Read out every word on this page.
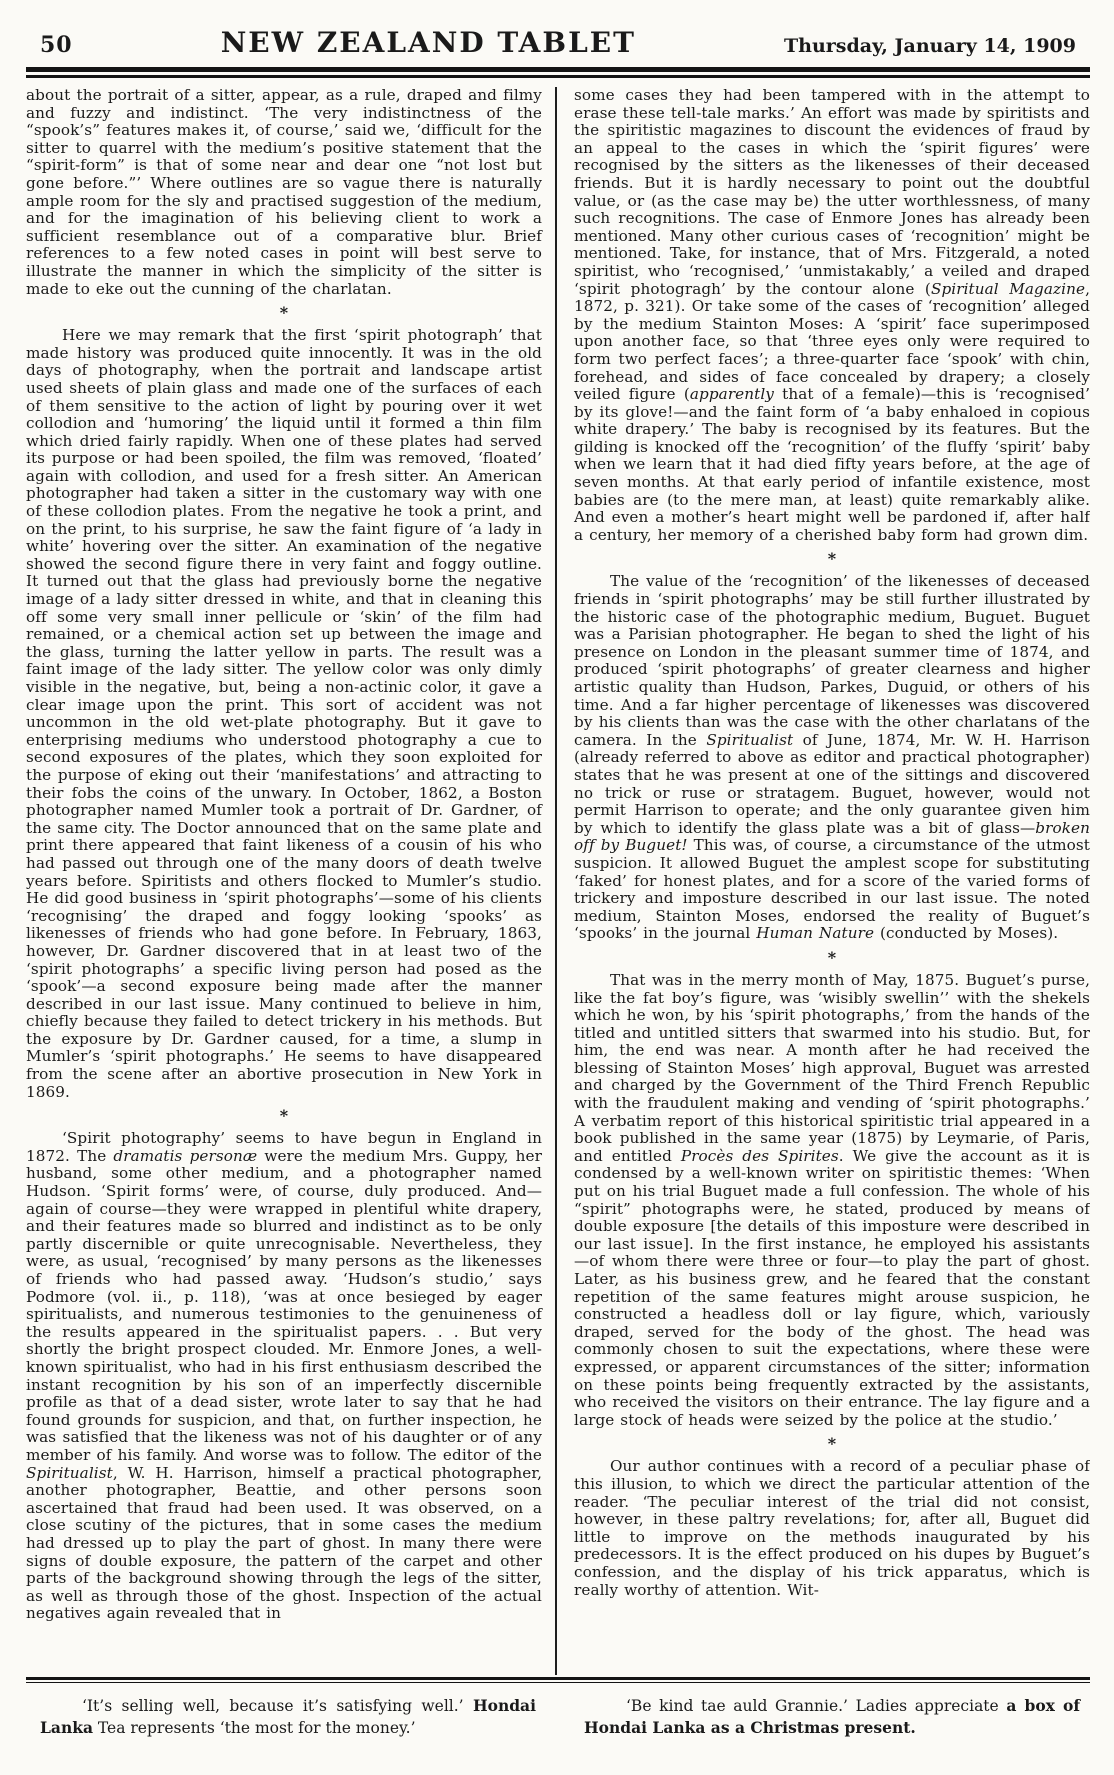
50	NEW ZEALAND TABLET	Thursday, January 14, 1909

about the portrait of a sitter, appear, as a rule, draped and filmy and fuzzy and indistinct. ‘The very indistinctness of the “spook’s” features makes it, of course,’ said we, ‘difficult for the sitter to quarrel with the medium’s positive statement that the “spirit-form” is that of some near and dear one “not lost but gone before.”’ Where outlines are so vague there is naturally ample room for the sly and practised suggestion of the medium, and for the imagination of his believing client to work a sufficient resemblance out of a comparative blur. Brief references to a few noted cases in point will best serve to illustrate the manner in which the simplicity of the sitter is made to eke out the cunning of the charlatan.

*

Here we may remark that the first ‘spirit photograph’ that made history was produced quite innocently. It was in the old days of photography, when the portrait and landscape artist used sheets of plain glass and made one of the surfaces of each of them sensitive to the action of light by pouring over it wet collodion and ‘humoring’ the liquid until it formed a thin film which dried fairly rapidly. When one of these plates had served its purpose or had been spoiled, the film was removed, ‘floated’ again with collodion, and used for a fresh sitter. An American photographer had taken a sitter in the customary way with one of these collodion plates. From the negative he took a print, and on the print, to his surprise, he saw the faint figure of ‘a lady in white’ hovering over the sitter. An examination of the negative showed the second figure there in very faint and foggy outline. It turned out that the glass had previously borne the negative image of a lady sitter dressed in white, and that in cleaning this off some very small inner pellicule or ‘skin’ of the film had remained, or a chemical action set up between the image and the glass, turning the latter yellow in parts. The result was a faint image of the lady sitter. The yellow color was only dimly visible in the negative, but, being a non-actinic color, it gave a clear image upon the print. This sort of accident was not uncommon in the old wet-plate photography. But it gave to enterprising mediums who understood photography a cue to second exposures of the plates, which they soon exploited for the purpose of eking out their ‘manifestations’ and attracting to their fobs the coins of the unwary. In October, 1862, a Boston photographer named Mumler took a portrait of Dr. Gardner, of the same city. The Doctor announced that on the same plate and print there appeared that faint likeness of a cousin of his who had passed out through one of the many doors of death twelve years before. Spiritists and others flocked to Mumler’s studio. He did good business in ‘spirit photographs’—some of his clients ‘recognising’ the draped and foggy looking ‘spooks’ as likenesses of friends who had gone before. In February, 1863, however, Dr. Gardner discovered that in at least two of the ‘spirit photographs’ a specific living person had posed as the ‘spook’—a second exposure being made after the manner described in our last issue. Many continued to believe in him, chiefly because they failed to detect trickery in his methods. But the exposure by Dr. Gardner caused, for a time, a slump in Mumler’s ‘spirit photographs.’ He seems to have disappeared from the scene after an abortive prosecution in New York in 1869.

*

‘Spirit photography’ seems to have begun in England in 1872. The dramatis personæ were the medium Mrs. Guppy, her husband, some other medium, and a photographer named Hudson. ‘Spirit forms’ were, of course, duly produced. And—again of course—they were wrapped in plentiful white drapery, and their features made so blurred and indistinct as to be only partly discernible or quite unrecognisable. Nevertheless, they were, as usual, ‘recognised’ by many persons as the likenesses of friends who had passed away. ‘Hudson’s studio,’ says Podmore (vol. ii., p. 118), ‘was at once besieged by eager spiritualists, and numerous testimonies to the genuineness of the results appeared in the spiritualist papers. . . But very shortly the bright prospect clouded. Mr. Enmore Jones, a well-known spiritualist, who had in his first enthusiasm described the instant recognition by his son of an imperfectly discernible profile as that of a dead sister, wrote later to say that he had found grounds for suspicion, and that, on further inspection, he was satisfied that the likeness was not of his daughter or of any member of his family. And worse was to follow. The editor of the Spiritualist, W. H. Harrison, himself a practical photographer, another photographer, Beattie, and other persons soon ascertained that fraud had been used. It was observed, on a close scutiny of the pictures, that in some cases the medium had dressed up to play the part of ghost. In many there were signs of double exposure, the pattern of the carpet and other parts of the background showing through the legs of the sitter, as well as through those of the ghost. Inspection of the actual negatives again revealed that in

some cases they had been tampered with in the attempt to erase these tell-tale marks.’ An effort was made by spiritists and the spiritistic magazines to discount the evidences of fraud by an appeal to the cases in which the ‘spirit figures’ were recognised by the sitters as the likenesses of their deceased friends. But it is hardly necessary to point out the doubtful value, or (as the case may be) the utter worthlessness, of many such recognitions. The case of Enmore Jones has already been mentioned. Many other curious cases of ‘recognition’ might be mentioned. Take, for instance, that of Mrs. Fitzgerald, a noted spiritist, who ‘recognised,’ ‘unmistakably,’ a veiled and draped ‘spirit photogragh’ by the contour alone (Spiritual Magazine, 1872, p. 321). Or take some of the cases of ‘recognition’ alleged by the medium Stainton Moses: A ‘spirit’ face superimposed upon another face, so that ‘three eyes only were required to form two perfect faces’; a three-quarter face ‘spook’ with chin, forehead, and sides of face concealed by drapery; a closely veiled figure (apparently that of a female)—this is ‘recognised’ by its glove!—and the faint form of ‘a baby enhaloed in copious white drapery.’ The baby is recognised by its features. But the gilding is knocked off the ‘recognition’ of the fluffy ‘spirit’ baby when we learn that it had died fifty years before, at the age of seven months. At that early period of infantile existence, most babies are (to the mere man, at least) quite remarkably alike. And even a mother’s heart might well be pardoned if, after half a century, her memory of a cherished baby form had grown dim.

*

The value of the ‘recognition’ of the likenesses of deceased friends in ‘spirit photographs’ may be still further illustrated by the historic case of the photographic medium, Buguet. Buguet was a Parisian photographer. He began to shed the light of his presence on London in the pleasant summer time of 1874, and produced ‘spirit photographs’ of greater clearness and higher artistic quality than Hudson, Parkes, Duguid, or others of his time. And a far higher percentage of likenesses was discovered by his clients than was the case with the other charlatans of the camera. In the Spiritualist of June, 1874, Mr. W. H. Harrison (already referred to above as editor and practical photographer) states that he was present at one of the sittings and discovered no trick or ruse or stratagem. Buguet, however, would not permit Harrison to operate; and the only guarantee given him by which to identify the glass plate was a bit of glass—broken off by Buguet! This was, of course, a circumstance of the utmost suspicion. It allowed Buguet the amplest scope for substituting ‘faked’ for honest plates, and for a score of the varied forms of trickery and imposture described in our last issue. The noted medium, Stainton Moses, endorsed the reality of Buguet’s ‘spooks’ in the journal Human Nature (conducted by Moses).

*

That was in the merry month of May, 1875. Buguet’s purse, like the fat boy’s figure, was ‘wisibly swellin’’ with the shekels which he won, by his ‘spirit photographs,’ from the hands of the titled and untitled sitters that swarmed into his studio. But, for him, the end was near. A month after he had received the blessing of Stainton Moses’ high approval, Buguet was arrested and charged by the Government of the Third French Republic with the fraudulent making and vending of ‘spirit photographs.’ A verbatim report of this historical spiritistic trial appeared in a book published in the same year (1875) by Leymarie, of Paris, and entitled Procès des Spirites. We give the account as it is condensed by a well-known writer on spiritistic themes: ‘When put on his trial Buguet made a full confession. The whole of his “spirit” photographs were, he stated, produced by means of double exposure [the details of this imposture were described in our last issue]. In the first instance, he employed his assistants—of whom there were three or four—to play the part of ghost. Later, as his business grew, and he feared that the constant repetition of the same features might arouse suspicion, he constructed a headless doll or lay figure, which, variously draped, served for the body of the ghost. The head was commonly chosen to suit the expectations, where these were expressed, or apparent circumstances of the sitter; information on these points being frequently extracted by the assistants, who received the visitors on their entrance. The lay figure and a large stock of heads were seized by the police at the studio.’

*

Our author continues with a record of a peculiar phase of this illusion, to which we direct the particular attention of the reader. ‘The peculiar interest of the trial did not consist, however, in these paltry revelations; for, after all, Buguet did little to improve on the methods inaugurated by his predecessors. It is the effect produced on his dupes by Buguet’s confession, and the display of his trick apparatus, which is really worthy of attention. Wit-

‘It’s selling well, because it’s satisfying well.’ Hondai Lanka Tea represents ‘the most for the money.’

‘Be kind tae auld Grannie.’ Ladies appreciate a box of Hondai Lanka as a Christmas present.
